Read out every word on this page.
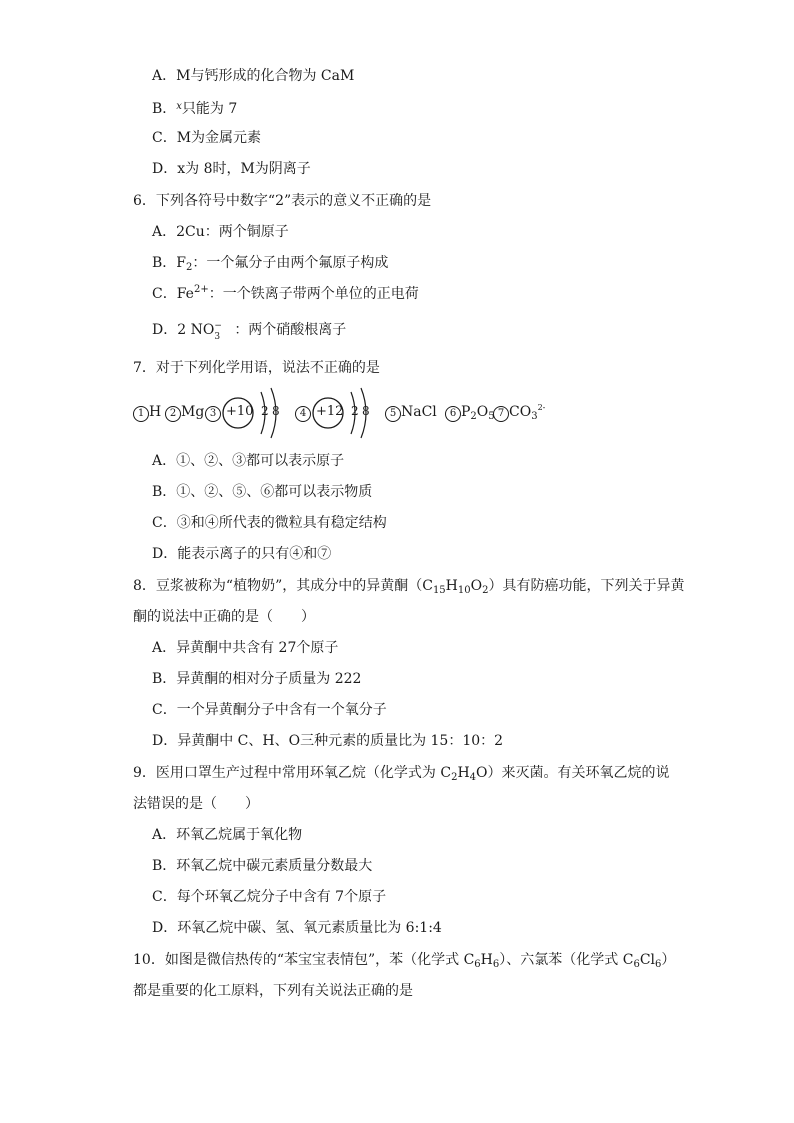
A．M与钙形成的化合物为 CaM
B．$^x$只能为 7
C．M为金属元素
D．x为 8时，M为阴离子
6．下列各符号中数字“2”表示的意义不正确的是
A．2Cu：两个铜原子
B．$F_2$：一个氟分子由两个氟原子构成
C．$Fe^{2+}$：一个铁离子带两个单位的正电荷
D．2 NO −
3 ：两个硝酸根离子
7．对于下列化学用语，说法不正确的是
1 H 2 Mg 3 +10 2 8	4 +12 2 8	5 NaCl	6 $P_2O_5$ 7 $CO_3^{2-}$
A．①、②、③都可以表示原子
B．①、②、⑤、⑥都可以表示物质
C．③和④所代表的微粒具有稳定结构
D．能表示离子的只有④和⑦
8．豆浆被称为“植物奶”，其成分中的异黄酮$(C_{15}H_{10}O_2)$具有防癌功能，下列关于异黄
酮的说法中正确的是（　　）
A．异黄酮中共含有 27个原子
B．异黄酮的相对分子质量为 222
C．一个异黄酮分子中含有一个氧分子
D．异黄酮中 C、H、O三种元素的质量比为 15：10：2
9．医用口罩生产过程中常用环氧乙烷（化学式为 $C_2H_4O$）来灭菌。有关环氧乙烷的说
法错误的是（　　）
A．环氧乙烷属于氧化物
B．环氧乙烷中碳元素质量分数最大
C．每个环氧乙烷分子中含有 7个原子
D．环氧乙烷中碳、氢、氧元素质量比为 6:1:4
10．如图是微信热传的“苯宝宝表情包”，苯（化学式 $C_6H_6$）、六氯苯（化学式 $C_6Cl_6$）
都是重要的化工原料，下列有关说法正确的是
